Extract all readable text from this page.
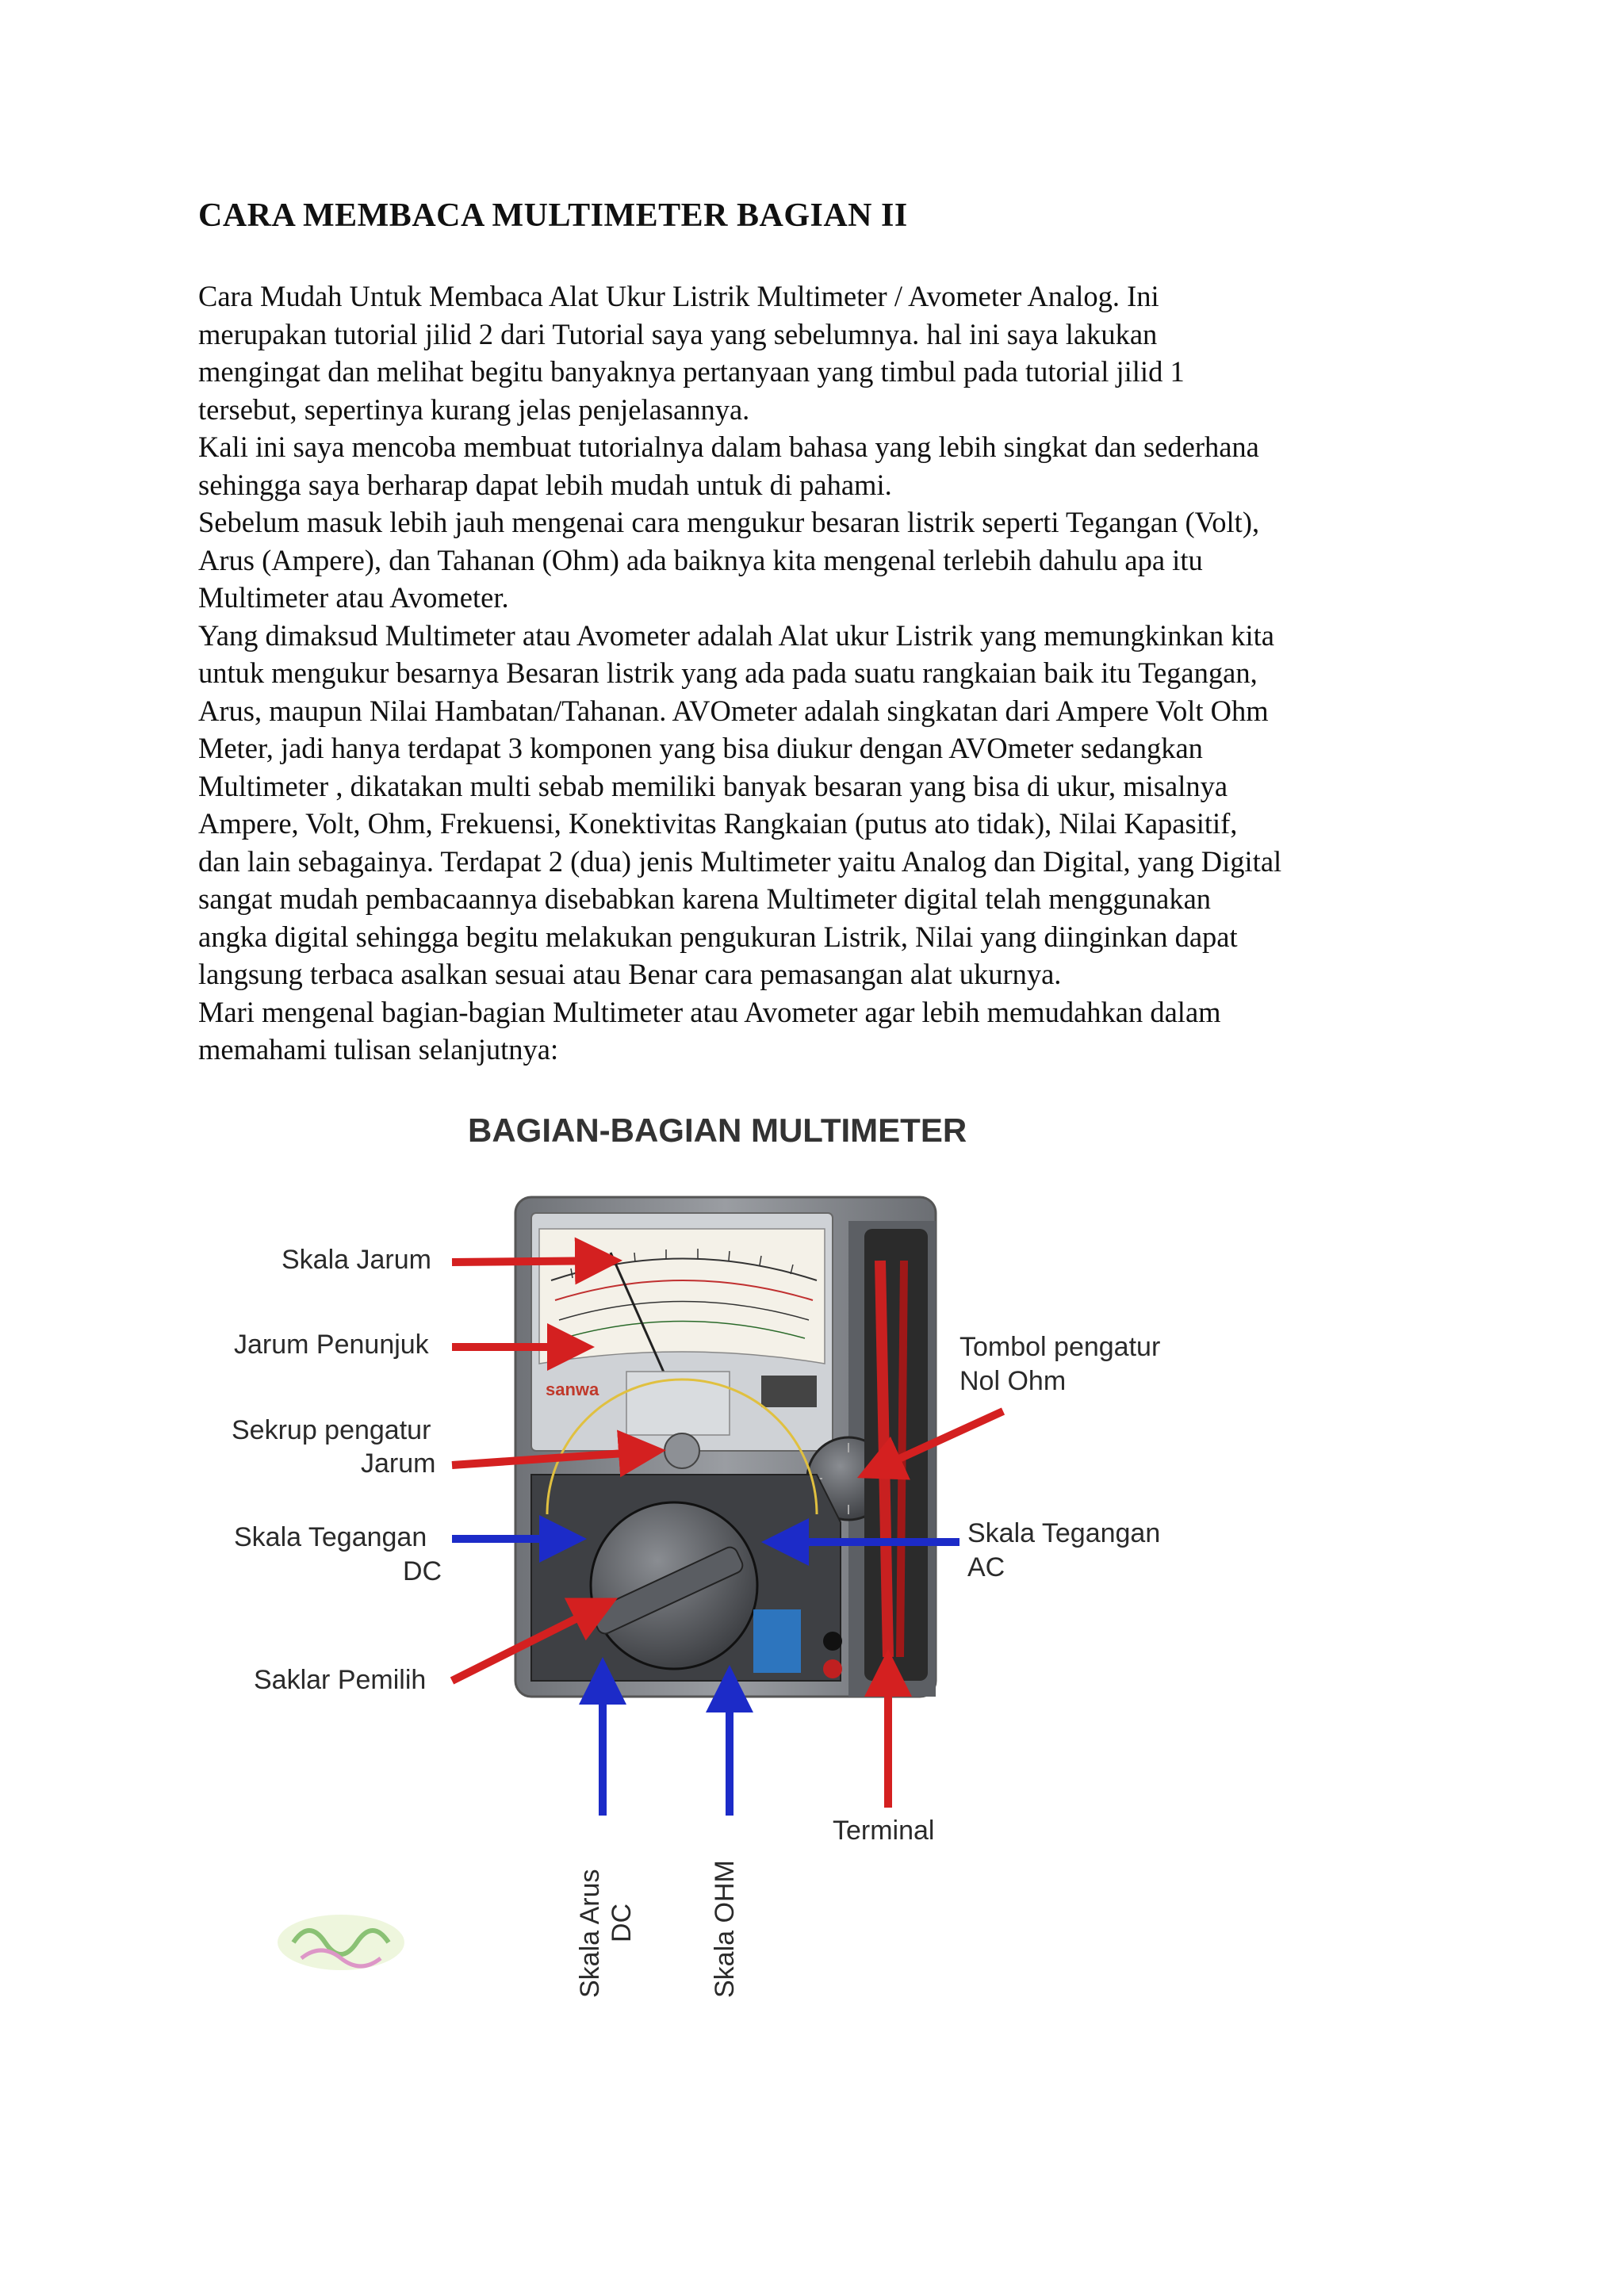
CARA MEMBACA MULTIMETER BAGIAN II

Cara Mudah Untuk Membaca Alat Ukur Listrik Multimeter / Avometer Analog. Ini
merupakan tutorial jilid 2 dari Tutorial saya yang sebelumnya. hal ini saya lakukan
mengingat dan melihat begitu banyaknya pertanyaan yang timbul pada tutorial jilid 1
tersebut, sepertinya kurang jelas penjelasannya.
Kali ini saya mencoba membuat tutorialnya dalam bahasa yang lebih singkat dan sederhana
sehingga saya berharap dapat lebih mudah untuk di pahami.
Sebelum masuk lebih jauh mengenai cara mengukur besaran listrik seperti Tegangan (Volt),
Arus (Ampere), dan Tahanan (Ohm) ada baiknya kita mengenal terlebih dahulu apa itu
Multimeter atau Avometer.
Yang dimaksud Multimeter atau Avometer adalah Alat ukur Listrik yang memungkinkan kita
untuk mengukur besarnya Besaran listrik yang ada pada suatu rangkaian baik itu Tegangan,
Arus, maupun Nilai Hambatan/Tahanan. AVOmeter adalah singkatan dari Ampere Volt Ohm
Meter, jadi hanya terdapat 3 komponen yang bisa diukur dengan AVOmeter sedangkan
Multimeter , dikatakan multi sebab memiliki banyak besaran yang bisa di ukur, misalnya
Ampere, Volt, Ohm, Frekuensi, Konektivitas Rangkaian (putus ato tidak), Nilai Kapasitif,
dan lain sebagainya. Terdapat 2 (dua) jenis Multimeter yaitu Analog dan Digital, yang Digital
sangat mudah pembacaannya disebabkan karena Multimeter digital telah menggunakan
angka digital sehingga begitu melakukan pengukuran Listrik, Nilai yang diinginkan dapat
langsung terbaca asalkan sesuai atau Benar cara pemasangan alat ukurnya.
Mari mengenal bagian-bagian Multimeter atau Avometer agar lebih memudahkan dalam
memahami tulisan selanjutnya:

BAGIAN-BAGIAN MULTIMETER
sanwa
Skala Jarum
Jarum Penunjuk
Sekrup pengatur
Jarum
Skala Tegangan
DC
Saklar Pemilih
Tombol pengatur
Nol Ohm
Skala Tegangan
AC
Terminal
Skala Arus DC	Skala OHM
